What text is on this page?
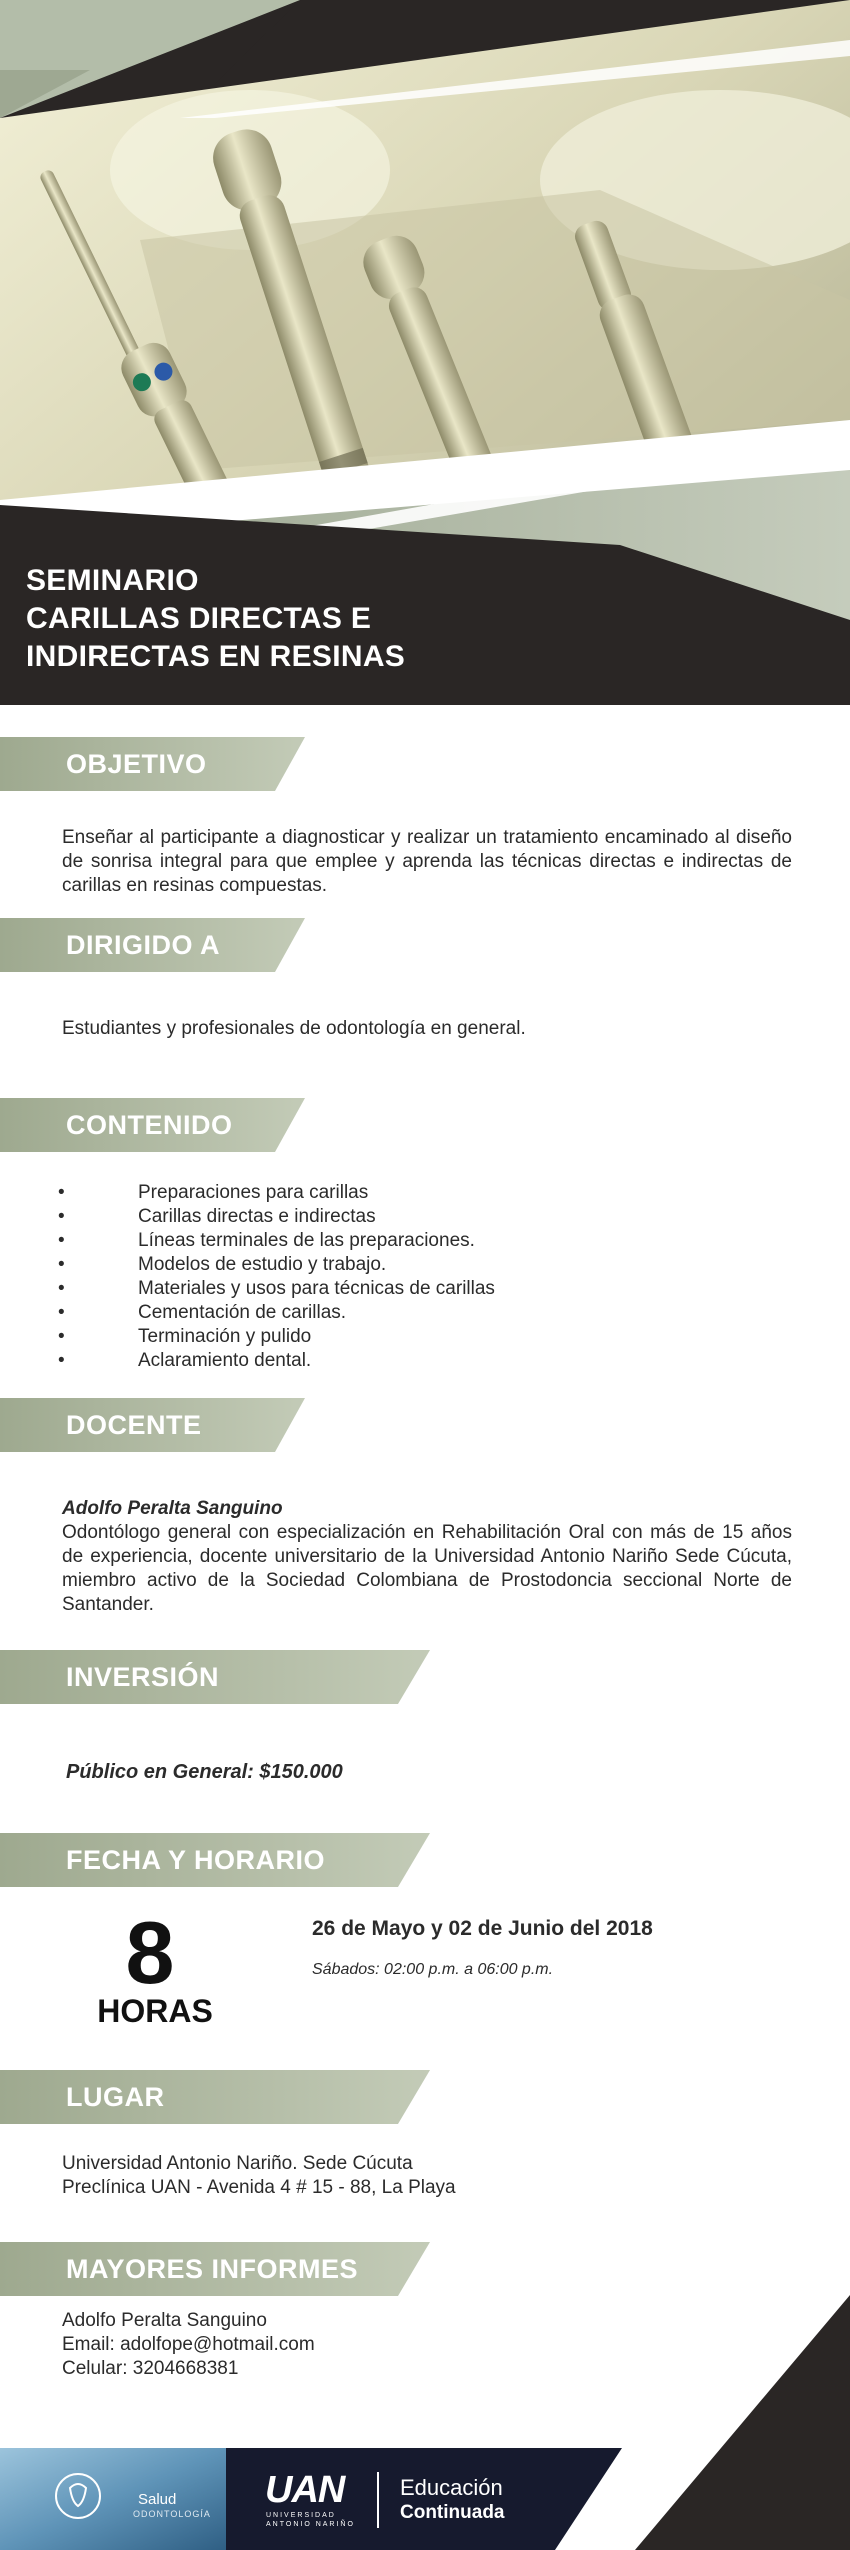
SEMINARIO
CARILLAS DIRECTAS E
INDIRECTAS EN RESINAS
OBJETIVO
Enseñar al participante a diagnosticar y realizar un tratamiento encaminado al diseño de sonrisa integral para que emplee y aprenda las técnicas directas e indirectas de carillas en resinas compuestas.
DIRIGIDO A
Estudiantes y profesionales de odontología en general.
CONTENIDO
•	Preparaciones para carillas
•	Carillas directas e indirectas
•	Líneas terminales de las preparaciones.
•	Modelos de estudio y trabajo.
•	Materiales y usos para técnicas de carillas
•	Cementación de carillas.
•	Terminación y pulido
•	Aclaramiento dental.
DOCENTE
Adolfo Peralta Sanguino
Odontólogo general con especialización en Rehabilitación Oral con más de 15 años de experiencia, docente universitario de la Universidad Antonio Nariño Sede Cúcuta, miembro activo de la Sociedad Colombiana de Prostodoncia seccional Norte de Santander.
INVERSIÓN
Público en General: $150.000
FECHA Y HORARIO
8
HORAS
26 de Mayo y 02 de Junio del 2018
Sábados: 02:00 p.m. a 06:00 p.m.
LUGAR
Universidad Antonio Nariño. Sede Cúcuta
Preclínica UAN - Avenida 4 # 15 - 88, La Playa
MAYORES INFORMES
Adolfo Peralta Sanguino
Email: adolfope@hotmail.com
Celular: 3204668381
Salud
ODONTOLOGÍA
UAN
UNIVERSIDAD
ANTONIO NARIÑO
Educación
Continuada
